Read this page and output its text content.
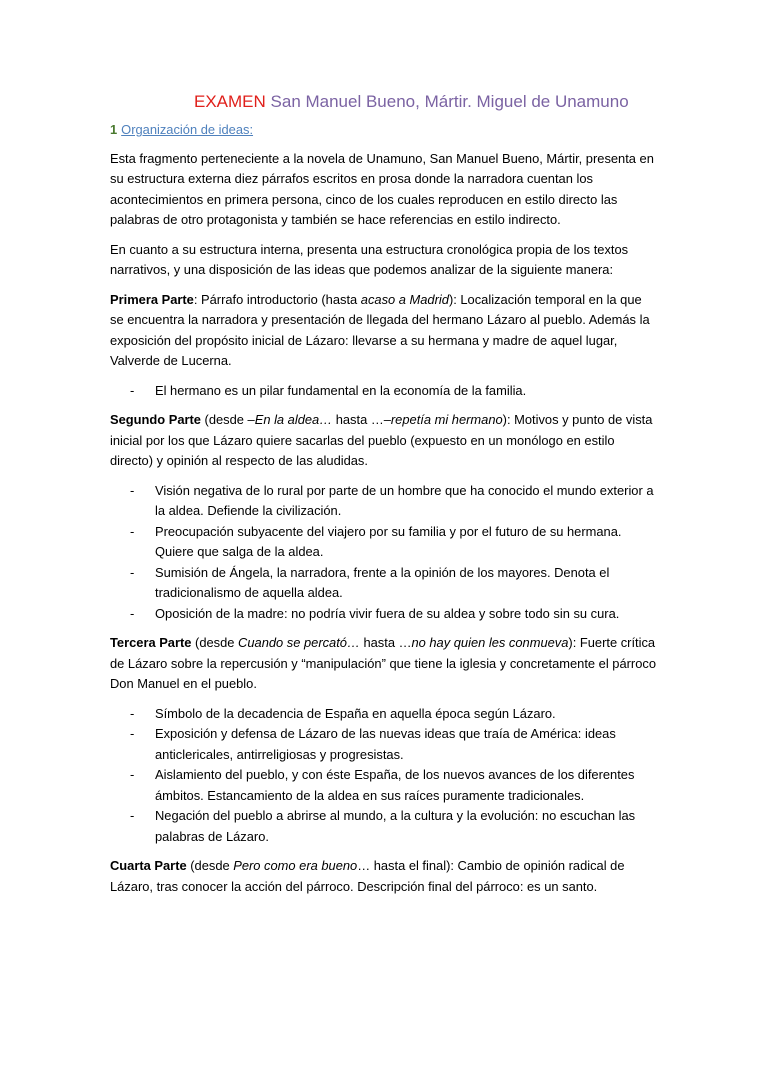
EXAMEN San Manuel Bueno, Mártir. Miguel de Unamuno
1 Organización de ideas:

Esta fragmento perteneciente a la novela de Unamuno, San Manuel Bueno, Mártir, presenta en su estructura externa diez párrafos escritos en prosa donde la narradora cuentan los acontecimientos en primera persona, cinco de los cuales reproducen en estilo directo las palabras de otro protagonista y también se hace referencias en estilo indirecto.

En cuanto a su estructura interna, presenta una estructura cronológica propia de los textos narrativos, y una disposición de las ideas que podemos analizar de la siguiente manera:

Primera Parte: Párrafo introductorio (hasta acaso a Madrid): Localización temporal en la que se encuentra la narradora y presentación de llegada del hermano Lázaro al pueblo. Además la exposición del propósito inicial de Lázaro: llevarse a su hermana y madre de aquel lugar, Valverde de Lucerna.

- El hermano es un pilar fundamental en la economía de la familia.

Segundo Parte (desde –En la aldea… hasta …–repetía mi hermano): Motivos y punto de vista inicial por los que Lázaro quiere sacarlas del pueblo (expuesto en un monólogo en estilo directo) y opinión al respecto de las aludidas.

- Visión negativa de lo rural por parte de un hombre que ha conocido el mundo exterior a la aldea. Defiende la civilización.
- Preocupación subyacente del viajero por su familia y por el futuro de su hermana. Quiere que salga de la aldea.
- Sumisión de Ángela, la narradora, frente a la opinión de los mayores. Denota el tradicionalismo de aquella aldea.
- Oposición de la madre: no podría vivir fuera de su aldea y sobre todo sin su cura.

Tercera Parte (desde Cuando se percató… hasta …no hay quien les conmueva): Fuerte crítica de Lázaro sobre la repercusión y “manipulación” que tiene la iglesia y concretamente el párroco Don Manuel en el pueblo.

- Símbolo de la decadencia de España en aquella época según Lázaro.
- Exposición y defensa de Lázaro de las nuevas ideas que traía de América: ideas anticlericales, antirreligiosas y progresistas.
- Aislamiento del pueblo, y con éste España, de los nuevos avances de los diferentes ámbitos. Estancamiento de la aldea en sus raíces puramente tradicionales.
- Negación del pueblo a abrirse al mundo, a la cultura y la evolución: no escuchan las palabras de Lázaro.

Cuarta Parte (desde Pero como era bueno… hasta el final): Cambio de opinión radical de Lázaro, tras conocer la acción del párroco. Descripción final del párroco: es un santo.
